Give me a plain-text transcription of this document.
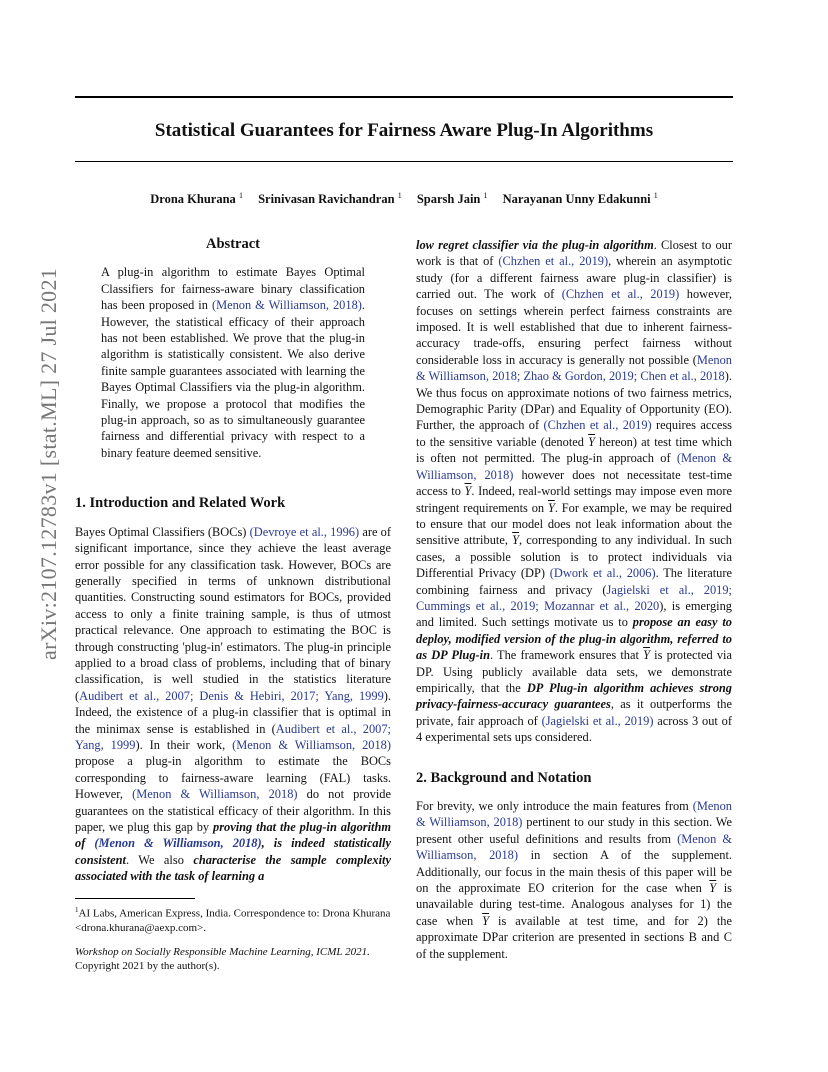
Statistical Guarantees for Fairness Aware Plug-In Algorithms
Drona Khurana $^1$ Srinivasan Ravichandran $^1$ Sparsh Jain $^1$ Narayanan Unny Edakunni $^1$
arXiv:2107.12783v1 [stat.ML] 27 Jul 2021
Abstract

A plug-in algorithm to estimate Bayes Optimal Classifiers for fairness-aware binary classification has been proposed in (Menon & Williamson, 2018). However, the statistical efficacy of their approach has not been established. We prove that the plug-in algorithm is statistically consistent. We also derive finite sample guarantees associated with learning the Bayes Optimal Classifiers via the plug-in algorithm. Finally, we propose a protocol that modifies the plug-in approach, so as to simultaneously guarantee fairness and differential privacy with respect to a binary feature deemed sensitive.

1. Introduction and Related Work

Bayes Optimal Classifiers (BOCs) (Devroye et al., 1996) are of significant importance, since they achieve the least average error possible for any classification task. However, BOCs are generally specified in terms of unknown distributional quantities. Constructing sound estimators for BOCs, provided access to only a finite training sample, is thus of utmost practical relevance. One approach to estimating the BOC is through constructing 'plug-in' estimators. The plug-in principle applied to a broad class of problems, including that of binary classification, is well studied in the statistics literature (Audibert et al., 2007; Denis & Hebiri, 2017; Yang, 1999). Indeed, the existence of a plug-in classifier that is optimal in the minimax sense is established in (Audibert et al., 2007; Yang, 1999). In their work, (Menon & Williamson, 2018) propose a plug-in algorithm to estimate the BOCs corresponding to fairness-aware learning (FAL) tasks. However, (Menon & Williamson, 2018) do not provide guarantees on the statistical efficacy of their algorithm. In this paper, we plug this gap by proving that the plug-in algorithm of (Menon & Williamson, 2018), is indeed statistically consistent. We also characterise the sample complexity associated with the task of learning a

low regret classifier via the plug-in algorithm. Closest to our work is that of (Chzhen et al., 2019), wherein an asymptotic study (for a different fairness aware plug-in classifier) is carried out. The work of (Chzhen et al., 2019) however, focuses on settings wherein perfect fairness constraints are imposed. It is well established that due to inherent fairness-accuracy trade-offs, ensuring perfect fairness without considerable loss in accuracy is generally not possible (Menon & Williamson, 2018; Zhao & Gordon, 2019; Chen et al., 2018). We thus focus on approximate notions of two fairness metrics, Demographic Parity (DPar) and Equality of Opportunity (EO). Further, the approach of (Chzhen et al., 2019) requires access to the sensitive variable (denoted $\overline{Y}$ hereon) at test time which is often not permitted. The plug-in approach of (Menon & Williamson, 2018) however does not necessitate test-time access to $\overline{Y}$. Indeed, real-world settings may impose even more stringent requirements on $\overline{Y}$. For example, we may be required to ensure that our model does not leak information about the sensitive attribute, $\overline{Y}$, corresponding to any individual. In such cases, a possible solution is to protect individuals via Differential Privacy (DP) (Dwork et al., 2006). The literature combining fairness and privacy (Jagielski et al., 2019; Cummings et al., 2019; Mozannar et al., 2020), is emerging and limited. Such settings motivate us to propose an easy to deploy, modified version of the plug-in algorithm, referred to as DP Plug-in. The framework ensures that $\overline{Y}$ is protected via DP. Using publicly available data sets, we demonstrate empirically, that the DP Plug-in algorithm achieves strong privacy-fairness-accuracy guarantees, as it outperforms the private, fair approach of (Jagielski et al., 2019) across 3 out of 4 experimental sets ups considered.

2. Background and Notation

For brevity, we only introduce the main features from (Menon & Williamson, 2018) pertinent to our study in this section. We present other useful definitions and results from (Menon & Williamson, 2018) in section A of the supplement. Additionally, our focus in the main thesis of this paper will be on the approximate EO criterion for the case when $\overline{Y}$ is unavailable during test-time. Analogous analyses for 1) the case when $\overline{Y}$ is available at test time, and for 2) the approximate DPar criterion are presented in sections B and C of the supplement.

$^1$AI Labs, American Express, India. Correspondence to: Drona Khurana <drona.khurana@aexp.com>.
Workshop on Socially Responsible Machine Learning, ICML 2021.
Copyright 2021 by the author(s).
